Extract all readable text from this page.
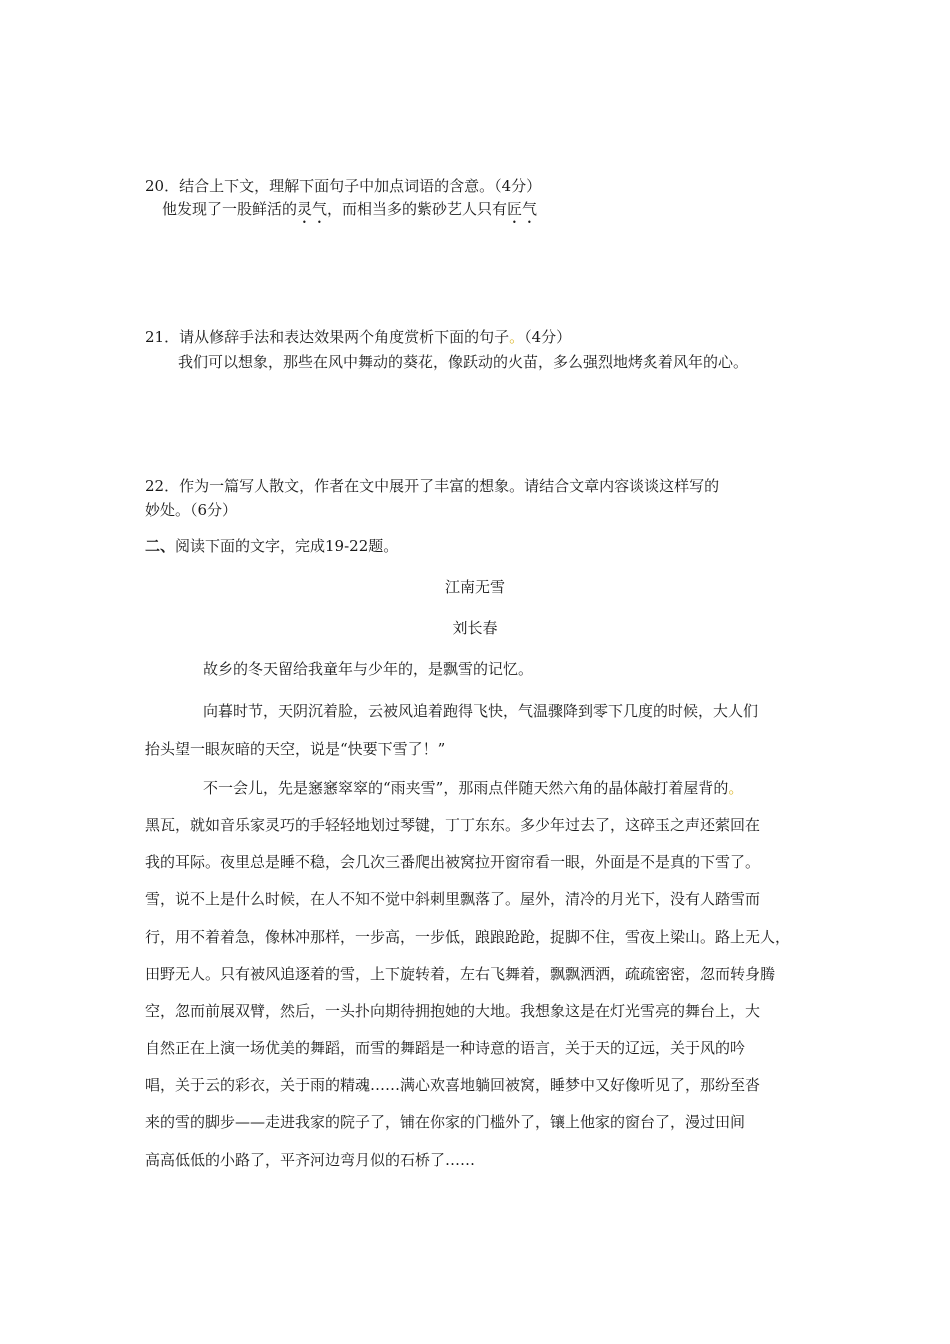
20．结合上下文，理解下面句子中加点词语的含意。（4分）
他发现了一股鲜活的灵气，而相当多的紫砂艺人只有匠气
21．请从修辞手法和表达效果两个角度赏析下面的句子。（4分）
我们可以想象，那些在风中舞动的葵花，像跃动的火苗，多么强烈地烤炙着风年的心。
22．作为一篇写人散文，作者在文中展开了丰富的想象。请结合文章内容谈谈这样写的
妙处。（6分）
二、阅读下面的文字，完成19-22题。
江南无雪
刘长春
故乡的冬天留给我童年与少年的，是飘雪的记忆。
向暮时节，天阴沉着脸，云被风追着跑得飞快，气温骤降到零下几度的时候，大人们
抬头望一眼灰暗的天空，说是“快要下雪了！”
不一会儿，先是窸窸窣窣的“雨夹雪”，那雨点伴随天然六角的晶体敲打着屋背的。
黑瓦，就如音乐家灵巧的手轻轻地划过琴键，丁丁东东。多少年过去了，这碎玉之声还萦回在
我的耳际。夜里总是睡不稳，会几次三番爬出被窝拉开窗帘看一眼，外面是不是真的下雪了。
雪，说不上是什么时候，在人不知不觉中斜刺里飘落了。屋外，清冷的月光下，没有人踏雪而
行，用不着着急，像林冲那样，一步高，一步低，踉踉跄跄，捉脚不住，雪夜上梁山。路上无人，
田野无人。只有被风追逐着的雪，上下旋转着，左右飞舞着，飘飘洒洒，疏疏密密，忽而转身腾
空，忽而前展双臂，然后，一头扑向期待拥抱她的大地。我想象这是在灯光雪亮的舞台上，大
自然正在上演一场优美的舞蹈，而雪的舞蹈是一种诗意的语言，关于天的辽远，关于风的吟
唱，关于云的彩衣，关于雨的精魂……满心欢喜地躺回被窝，睡梦中又好像听见了，那纷至沓
来的雪的脚步——走进我家的院子了，铺在你家的门槛外了，镶上他家的窗台了，漫过田间
高高低低的小路了，平齐河边弯月似的石桥了……
